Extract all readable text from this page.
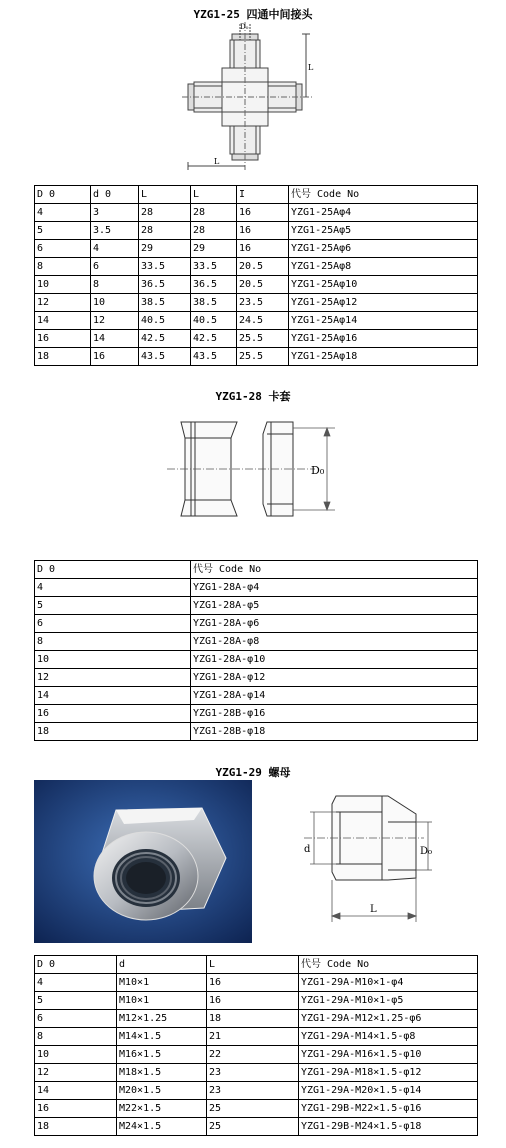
YZG1-25 四通中间接头
D₀
L
L
D 0	d 0	L	L	I	代号 Code No
4	3	28	28	16	YZG1-25Aφ4
5	3.5	28	28	16	YZG1-25Aφ5
6	4	29	29	16	YZG1-25Aφ6
8	6	33.5	33.5	20.5	YZG1-25Aφ8
10	8	36.5	36.5	20.5	YZG1-25Aφ10
12	10	38.5	38.5	23.5	YZG1-25Aφ12
14	12	40.5	40.5	24.5	YZG1-25Aφ14
16	14	42.5	42.5	25.5	YZG1-25Aφ16
18	16	43.5	43.5	25.5	YZG1-25Aφ18
YZG1-28 卡套
D₀
D 0	代号 Code No
4	YZG1-28A-φ4
5	YZG1-28A-φ5
6	YZG1-28A-φ6
8	YZG1-28A-φ8
10	YZG1-28A-φ10
12	YZG1-28A-φ12
14	YZG1-28A-φ14
16	YZG1-28B-φ16
18	YZG1-28B-φ18
YZG1-29 螺母
d	D₀
L
D 0	d	L	代号 Code No
4	M10×1	16	YZG1-29A-M10×1-φ4
5	M10×1	16	YZG1-29A-M10×1-φ5
6	M12×1.25	18	YZG1-29A-M12×1.25-φ6
8	M14×1.5	21	YZG1-29A-M14×1.5-φ8
10	M16×1.5	22	YZG1-29A-M16×1.5-φ10
12	M18×1.5	23	YZG1-29A-M18×1.5-φ12
14	M20×1.5	23	YZG1-29A-M20×1.5-φ14
16	M22×1.5	25	YZG1-29B-M22×1.5-φ16
18	M24×1.5	25	YZG1-29B-M24×1.5-φ18
